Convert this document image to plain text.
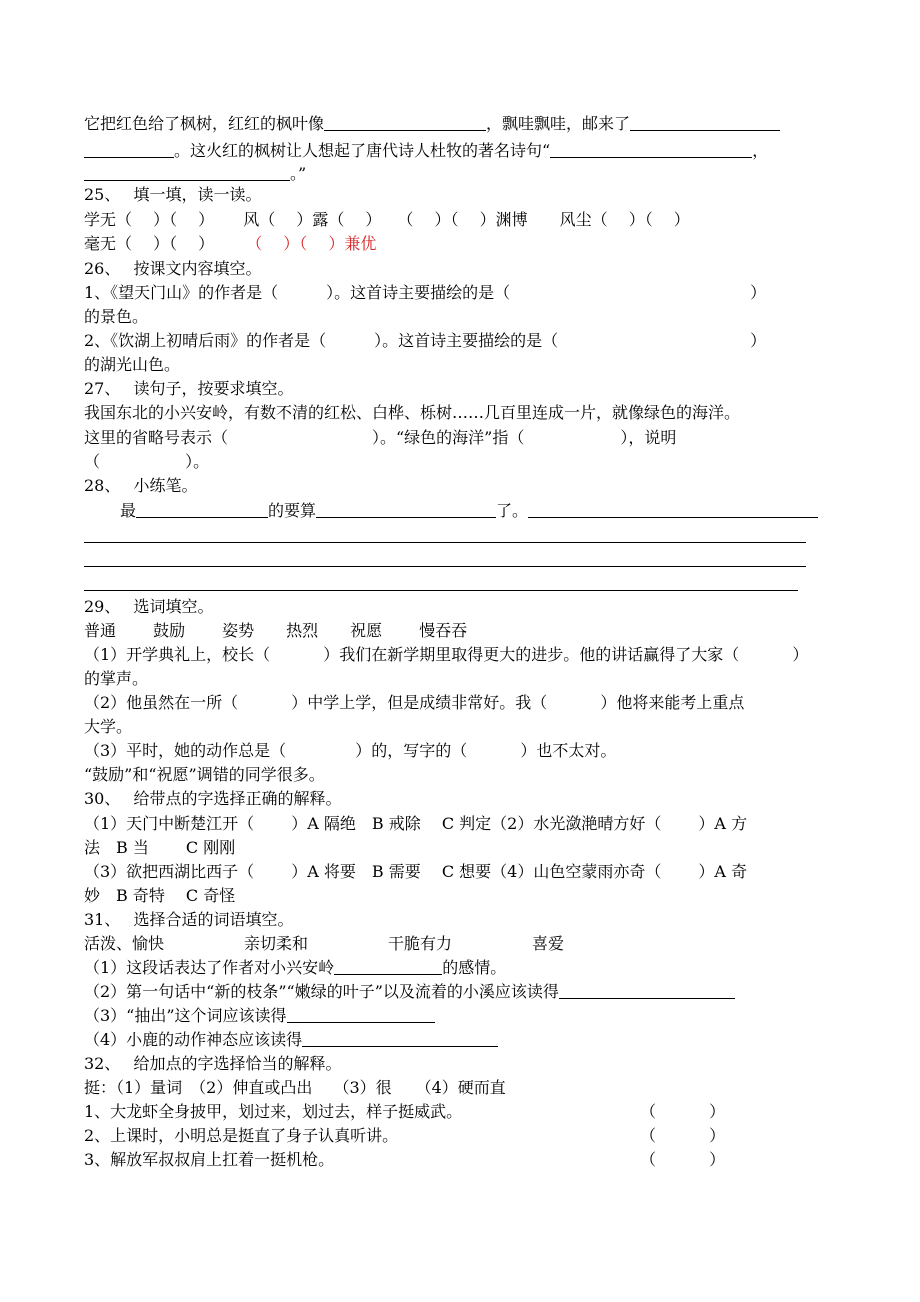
它把红色给了枫树，红红的枫叶像	，飘哇飘哇，邮来了
。这火红的枫树让人想起了唐代诗人杜牧的著名诗句“	，
。”
25、　 填一填，读一读。
学无（　 ）（　 ）　　 风（　 ）露（　 ）　　（　 ）（　 ）渊博　　风尘（　 ）（　 ）
毫无（　 ）（　 ）　　　（　 ）（　 ）兼优
26、　 按课文内容填空。
1、《望天门山》的作者是（　　　）。这首诗主要描绘的是（　　　　　　　　　　　　　　　）
的景色。
2、《饮湖上初晴后雨》的作者是（　　　）。这首诗主要描绘的是（　　　　　　　　　　　　）
的湖光山色。
27、　 读句子，按要求填空。
我国东北的小兴安岭，有数不清的红松、白桦、栎树……几百里连成一片，就像绿色的海洋。
这里的省略号表示（　　　　　　　　　）。“绿色的海洋”指（　　　　　　），说明
（　　　　　 ）。
28、　 小练笔。
最	的要算	了。
29、　 选词填空。
普通　　 鼓励　　 姿势　　热烈　　祝愿　　 慢吞吞
（1）开学典礼上，校长（　　　 ）我们在新学期里取得更大的进步。他的讲话赢得了大家（　　　 ）
的掌声。
（2）他虽然在一所（　　　 ）中学上学，但是成绩非常好。我（　　　 ）他将来能考上重点
大学。
（3）平时，她的动作总是（　　　　 ）的，写字的（　　　 ）也不太对。
“鼓励”和“祝愿”调错的同学很多。
30、　 给带点的字选择正确的解释。
（1）天门中断楚江开（　　 ）A 隔绝　B 戒除　 C 判定（2）水光潋滟晴方好（　　 ）A 方
法　B 当　　 C 刚刚
（3）欲把西湖比西子（　　 ）A 将要　B 需要　 C 想要（4）山色空蒙雨亦奇（　　 ）A 奇
妙　B 奇特　 C 奇怪
31、　 选择合适的词语填空。
活泼、愉快　　　　　亲切柔和　　　　　干脆有力　　　　　喜爱
（1）这段话表达了作者对小兴安岭	的感情。
（2）第一句话中“新的枝条”“嫩绿的叶子”以及流着的小溪应该读得
（3）“抽出”这个词应该读得
（4）小鹿的动作神态应该读得
32、　 给加点的字选择恰当的解释。
挺：（1）量词　（2）伸直或凸出　 （3）很　　（4）硬而直
1、大龙虾全身披甲，划过来，划过去，样子挺威武。	（　　　 ）
2、上课时，小明总是挺直了身子认真听讲。	（　　　 ）
3、解放军叔叔肩上扛着一挺机枪。	（　　　 ）
